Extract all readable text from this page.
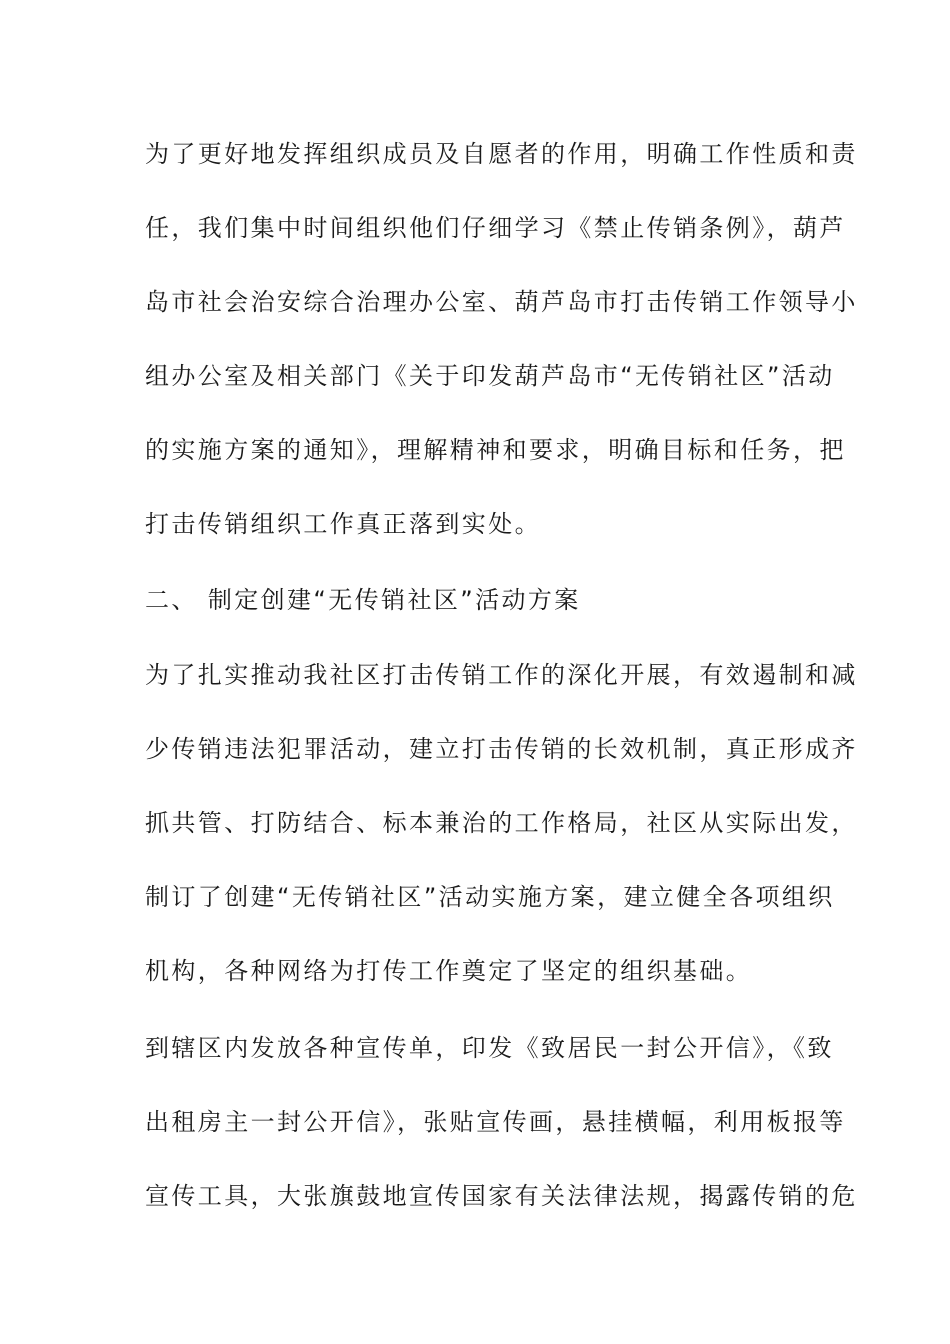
为了更好地发挥组织成员及自愿者的作用，明确工作性质和责
任，我们集中时间组织他们仔细学习《禁止传销条例》，葫芦
岛市社会治安综合治理办公室、葫芦岛市打击传销工作领导小
组办公室及相关部门《关于印发葫芦岛市“无传销社区”活动
的实施方案的通知》，理解精神和要求，明确目标和任务，把
打击传销组织工作真正落到实处。
二、 制定创建“无传销社区”活动方案
为了扎实推动我社区打击传销工作的深化开展，有效遏制和减
少传销违法犯罪活动，建立打击传销的长效机制，真正形成齐
抓共管、打防结合、标本兼治的工作格局，社区从实际出发，
制订了创建“无传销社区”活动实施方案，建立健全各项组织
机构，各种网络为打传工作奠定了坚定的组织基础。
到辖区内发放各种宣传单，印发《致居民一封公开信》，《致
出租房主一封公开信》，张贴宣传画，悬挂横幅，利用板报等
宣传工具，大张旗鼓地宣传国家有关法律法规，揭露传销的危
